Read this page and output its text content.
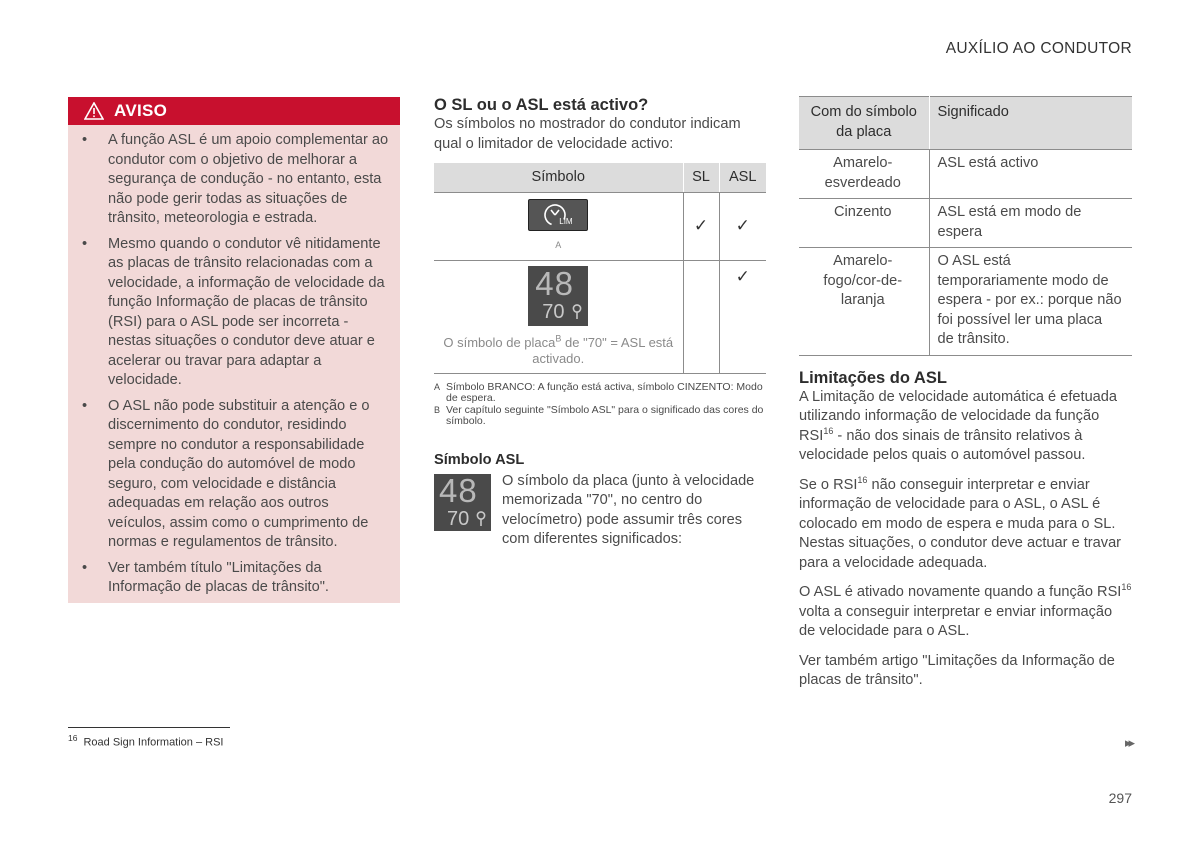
AUXÍLIO AO CONDUTOR
AVISO
• A função ASL é um apoio complementar ao condutor com o objetivo de melhorar a segurança de condução - no entanto, esta não pode gerir todas as situações de trânsito, meteorologia e estrada.
• Mesmo quando o condutor vê nitidamente as placas de trânsito relacionadas com a velocidade, a informação de velocidade da função Informação de placas de trânsito (RSI) para o ASL pode ser incorreta - nestas situações o condutor deve atuar e acelerar ou travar para adaptar a velocidade.
• O ASL não pode substituir a atenção e o discernimento do condutor, residindo sempre no condutor a responsabilidade pela condução do automóvel de modo seguro, com velocidade e distância adequadas em relação aos outros veículos, assim como o cumprimento de normas e regulamentos de trânsito.
• Ver também título "Limitações da Informação de placas de trânsito".
O SL ou o ASL está activo?
Os símbolos no mostrador do condutor indicam qual o limitador de velocidade activo:
Símbolo	SL	ASL

LIM
A	✓	✓

48
70
O símbolo de placa$^B$ de "70" = ASL está activado.		✓
A Símbolo BRANCO: A função está activa, símbolo CINZENTO: Modo de espera.
B Ver capítulo seguinte "Símbolo ASL" para o significado das cores do símbolo.
Símbolo ASL
48
70
O símbolo da placa (junto à velocidade memorizada "70", no centro do velocímetro) pode assumir três cores com diferentes significados:
Com do símbolo da placa	Significado
Amarelo-esverdeado	ASL está activo
Cinzento	ASL está em modo de espera
Amarelo-fogo/cor-de-laranja	O ASL está temporariamente modo de espera - por ex.: porque não foi possível ler uma placa de trânsito.
Limitações do ASL
A Limitação de velocidade automática é efetuada utilizando informação de velocidade da função RSI$^{16}$ - não dos sinais de trânsito relativos à velocidade pelos quais o automóvel passou.
Se o RSI$^{16}$ não conseguir interpretar e enviar informação de velocidade para o ASL, o ASL é colocado em modo de espera e muda para o SL. Nestas situações, o condutor deve actuar e travar para a velocidade adequada.
O ASL é ativado novamente quando a função RSI$^{16}$ volta a conseguir interpretar e enviar informação de velocidade para o ASL.
Ver também artigo "Limitações da Informação de placas de trânsito".
$^{16}$ Road Sign Information – RSI	▸▸
297
